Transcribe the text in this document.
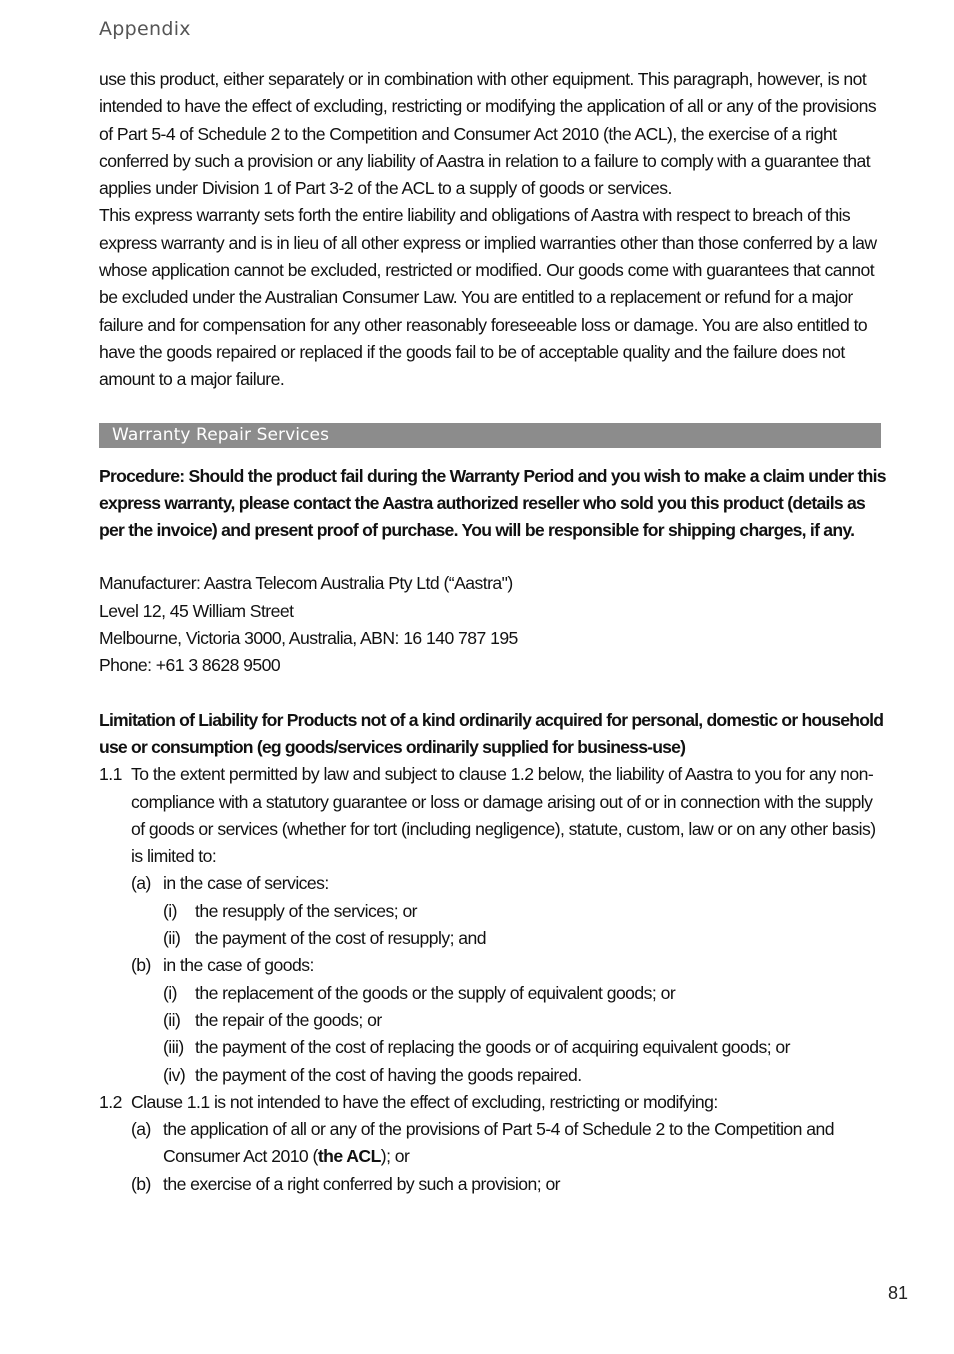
Appendix

use this product, either separately or in combination with other equipment. This paragraph, however, is not intended to have the effect of excluding, restricting or modifying the application of all or any of the provisions of Part 5-4 of Schedule 2 to the Competition and Consumer Act 2010 (the ACL), the exercise of a right conferred by such a provision or any liability of Aastra in relation to a failure to comply with a guarantee that applies under Division 1 of Part 3-2 of the ACL to a supply of goods or services.

This express warranty sets forth the entire liability and obligations of Aastra with respect to breach of this express warranty and is in lieu of all other express or implied warranties other than those conferred by a law whose application cannot be excluded, restricted or modified. Our goods come with guarantees that cannot be excluded under the Australian Consumer Law. You are entitled to a replacement or refund for a major failure and for compensation for any other reasonably foreseeable loss or damage. You are also entitled to have the goods repaired or replaced if the goods fail to be of acceptable quality and the failure does not amount to a major failure.

Warranty Repair Services

Procedure: Should the product fail during the Warranty Period and you wish to make a claim under this express warranty, please contact the Aastra authorized reseller who sold you this product (details as per the invoice) and present proof of purchase. You will be responsible for shipping charges, if any.

Manufacturer: Aastra Telecom Australia Pty Ltd (“Aastra")
Level 12, 45 William Street
Melbourne, Victoria 3000, Australia, ABN: 16 140 787 195
Phone: +61 3 8628 9500

Limitation of Liability for Products not of a kind ordinarily acquired for personal, domestic or household use or consumption (eg goods/services ordinarily supplied for business-use)

1.1 To the extent permitted by law and subject to clause 1.2 below, the liability of Aastra to you for any non-compliance with a statutory guarantee or loss or damage arising out of or in connection with the supply of goods or services (whether for tort (including negligence), statute, custom, law or on any other basis) is limited to:
(a) in the case of services:
(i)	the resupply of the services; or
(ii) the payment of the cost of resupply; and
(b) in the case of goods:
(i)	the replacement of the goods or the supply of equivalent goods; or
(ii) the repair of the goods; or
(iii) the payment of the cost of replacing the goods or of acquiring equivalent goods; or
(iv) the payment of the cost of having the goods repaired.
1.2 Clause 1.1 is not intended to have the effect of excluding, restricting or modifying:
(a) the application of all or any of the provisions of Part 5-4 of Schedule 2 to the Competition and Consumer Act 2010 (the ACL); or
(b) the exercise of a right conferred by such a provision; or
81
